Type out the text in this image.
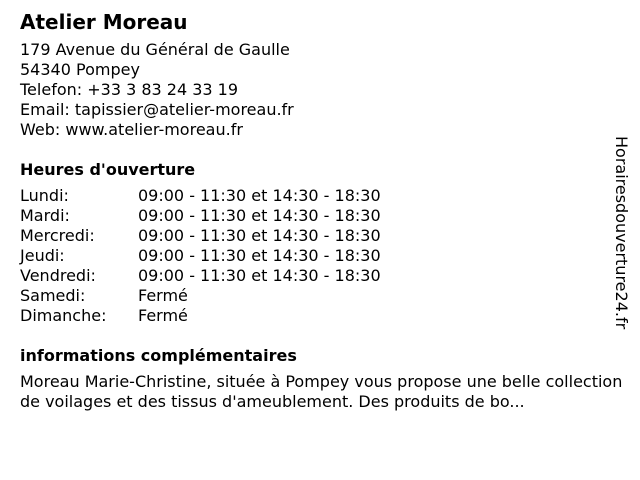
Atelier Moreau
179 Avenue du Général de Gaulle
54340 Pompey
Telefon: +33 3 83 24 33 19
Email: tapissier@atelier-moreau.fr
Web: www.atelier-moreau.fr
Heures d'ouverture
Lundi:	09:00 - 11:30 et 14:30 - 18:30
Mardi:	09:00 - 11:30 et 14:30 - 18:30
Mercredi:	09:00 - 11:30 et 14:30 - 18:30
Jeudi:	09:00 - 11:30 et 14:30 - 18:30
Vendredi:	09:00 - 11:30 et 14:30 - 18:30
Samedi:	Fermé
Dimanche:	Fermé
informations complémentaires
Moreau Marie-Christine, située à Pompey vous propose une belle collection de voilages et des tissus d'ameublement. Des produits de bo...
Horairesdouverture24.fr
